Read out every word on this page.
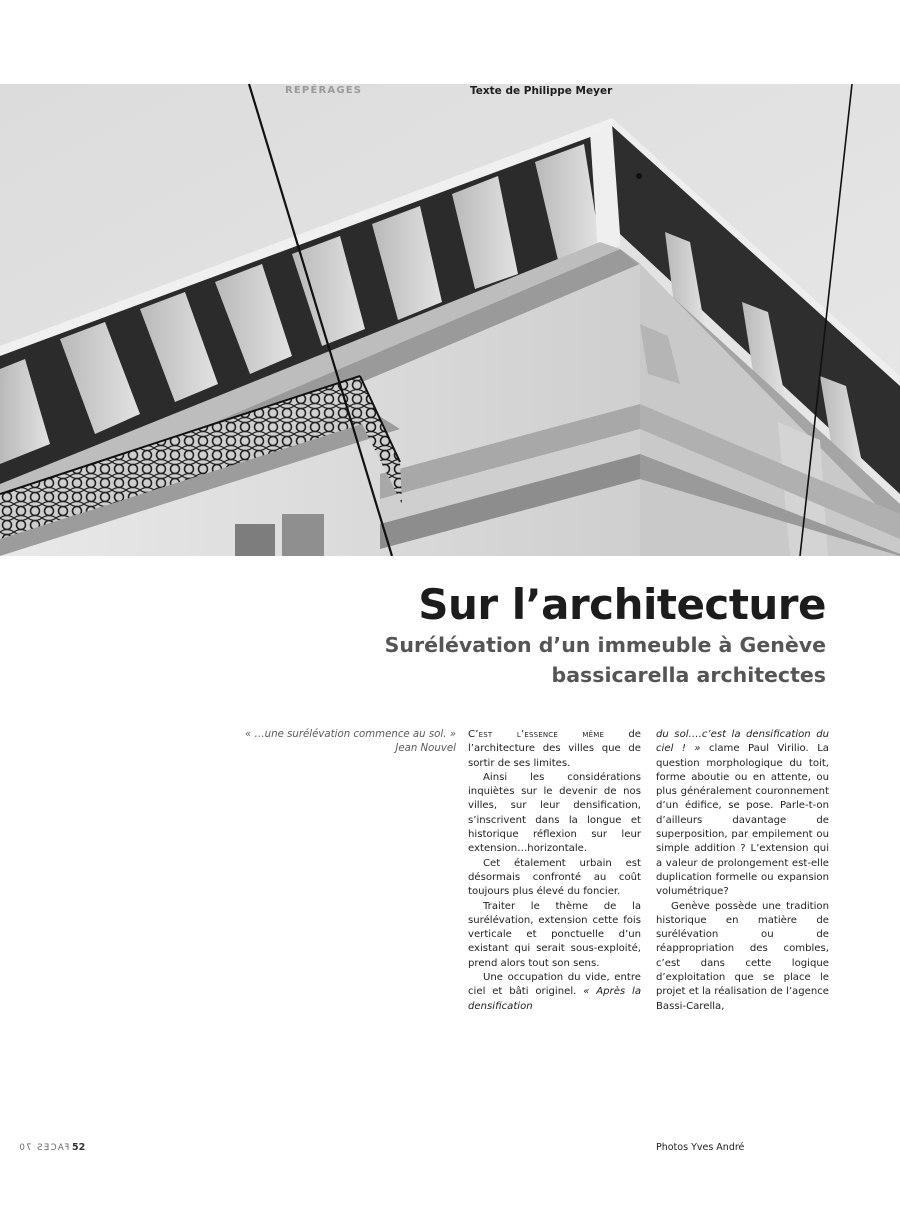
REPÉRAGES	Texte de Philippe Meyer
Sur l’architecture
Surélévation d’un immeuble à Genève
bassicarella architectes
« …une surélévation commence au sol. »
Jean Nouvel

C’est l’essence même de l’architecture des villes que de sortir de ses limites.

Ainsi les considérations inquiètes sur le devenir de nos villes, sur leur densification, s’inscrivent dans la longue et historique réflexion sur leur extension…horizontale.

Cet étalement urbain est désormais confronté au coût toujours plus élevé du foncier.

Traiter le thème de la surélévation, extension cette fois verticale et ponctuelle d’un existant qui serait sous-exploité, prend alors tout son sens.

Une occupation du vide, entre ciel et bâti originel. « Après la densification

du sol….c’est la densification du ciel ! » clame Paul Virilio. La question morphologique du toit, forme aboutie ou en attente, ou plus généralement couronnement d’un édifice, se pose. Parle-t-on d’ailleurs davantage de superposition, par empilement ou simple addition ? L’extension qui a valeur de prolongement est-elle duplication formelle ou expansion volumétrique?

Genève possède une tradition historique en matière de surélévation ou de réappropriation des combles, c’est dans cette logique d’exploitation que se place le projet et la réalisation de l’agence Bassi-Carella,

FACES 70 52	Photos Yves André
